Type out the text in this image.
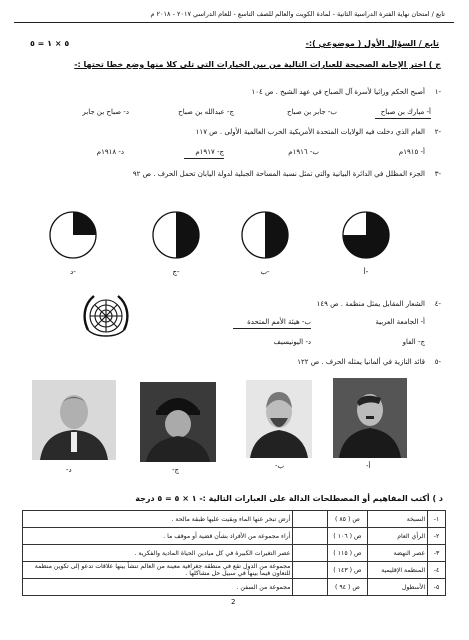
تابع / امتحان نهاية الفترة الدراسية الثانية - لمادة الكويت والعالم للصف التاسع - للعام الدراسي ٢٠١٧ - ٢٠١٨ م
تابع / السؤال الأول ( موضوعي ):-
٥ × ١ = ٥
ج ) اختر الإجابة الصحيحة للعبارات التالية من بين الخيارات التى تلى كلا منها وضع خطا تحتها :-
١-
أصبح الحكم وراثيا لأسرة آل الصباح في عهد الشيخ . ص ١٠٤
أ- مبارك بن صباح
ب- جابر بن صباح
ج- عبدالله بن صباح
د- صباح بن جابر
٢-
العام الذي دخلت فيه الولايات المتحدة الأمريكية الحرب العالمية الأولى . ص ١١٧
أ- ١٩١٥م
ب- ١٩١٦م
ج- ١٩١٧م
د- ١٩١٨م
٣-
الجزء المظلل في الدائرة البيانية والتي تمثل نسبة المساحة الجبلية لدولة اليابان تحمل الحرف . ص ٩٢
أ-
ب-
ج-
د-
٤-
الشعار المقابل يمثل منظمة . ص ١٤٩
أ- الجامعة العربية
ب- هيئة الأمم المتحدة
ج- الفاو
د- اليونيسيف
٥-
قائد النازية في ألمانيا يمثله الحرف . ص ١٢٢
أ-
ب-
ج-
د-
د ) أكتب المفاهيم أو المصطلحات الدالة على العبارات التالية :- ١ × ٥ = ٥ درجة
١-	السبخة	ص ( ٨٥ )		أرض تبخر عنها الماء وبقيت عليها طبقة مالحة .
٢-	الرأي العام	ص ( ١٠٦ )		أراء مجموعة من الأفراد بشأن قضية أو موقف ما .
٣-	عصر النهضة	ص ( ١١٥ )		عصر التغيرات الكبيرة في كل ميادين الحياة المادية والفكرية .
٤-	المنظمة الإقليمية	ص ( ١٤٣ )		مجموعة من الدول تقع في منطقة جغرافية معينة من العالم تنشأ بينها علاقات تدعو إلى تكوين منظمة للتعاون فيما بينها في سبيل حل مشاكلها .
٥-	الأسطول	ص ( ٩٤ )		مجموعة من السفن .
2
